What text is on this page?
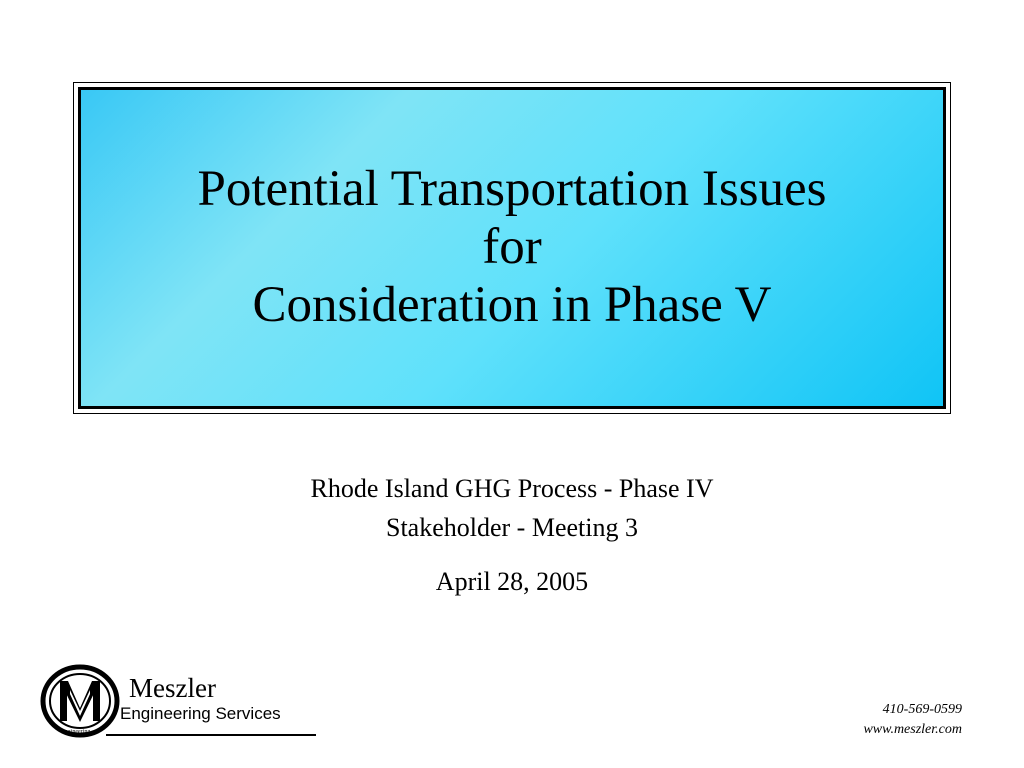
Potential Transportation Issues
for
Consideration in Phase V
Rhode Island GHG Process - Phase IV
Stakeholder - Meeting 3
April 28, 2005
Meszler
Engineering Services
engineering
410-569-0599
www.meszler.com
